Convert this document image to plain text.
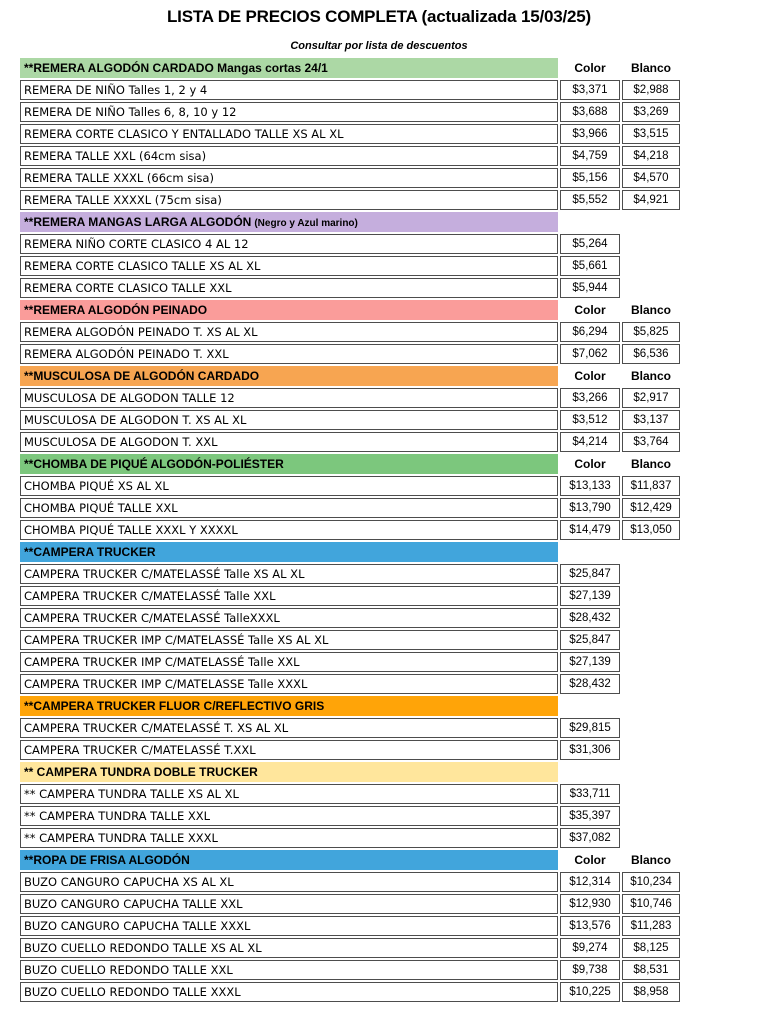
LISTA DE PRECIOS COMPLETA (actualizada 15/03/25)
Consultar por lista de descuentos
**REMERA ALGODÓN CARDADO Mangas cortas 24/1	Color	Blanco
REMERA DE NIÑO Talles 1, 2 y 4	$3,371	$2,988
REMERA DE NIÑO Talles 6, 8, 10 y 12	$3,688	$3,269
REMERA CORTE CLASICO Y ENTALLADO TALLE XS AL XL	$3,966	$3,515
REMERA TALLE XXL (64cm sisa)	$4,759	$4,218
REMERA TALLE XXXL (66cm sisa)	$5,156	$4,570
REMERA TALLE XXXXL (75cm sisa)	$5,552	$4,921
**REMERA MANGAS LARGA ALGODÓN (Negro y Azul marino)
REMERA NIÑO CORTE CLASICO 4 AL 12	$5,264
REMERA CORTE CLASICO TALLE XS AL XL	$5,661
REMERA CORTE CLASICO TALLE XXL	$5,944
**REMERA ALGODÓN PEINADO	Color	Blanco
REMERA ALGODÓN PEINADO T. XS AL XL	$6,294	$5,825
REMERA ALGODÓN PEINADO T. XXL	$7,062	$6,536
**MUSCULOSA DE ALGODÓN CARDADO	Color	Blanco
MUSCULOSA DE ALGODON TALLE 12	$3,266	$2,917
MUSCULOSA DE ALGODON T. XS AL XL	$3,512	$3,137
MUSCULOSA DE ALGODON T. XXL	$4,214	$3,764
**CHOMBA DE PIQUÉ ALGODÓN-POLIÉSTER	Color	Blanco
CHOMBA PIQUÉ XS AL XL	$13,133	$11,837
CHOMBA PIQUÉ TALLE XXL	$13,790	$12,429
CHOMBA PIQUÉ TALLE XXXL Y XXXXL	$14,479	$13,050
**CAMPERA TRUCKER
CAMPERA TRUCKER C/MATELASSÉ Talle XS AL XL	$25,847
CAMPERA TRUCKER C/MATELASSÉ Talle XXL	$27,139
CAMPERA TRUCKER C/MATELASSÉ TalleXXXL	$28,432
CAMPERA TRUCKER IMP C/MATELASSÉ Talle XS AL XL	$25,847
CAMPERA TRUCKER IMP C/MATELASSÉ Talle XXL	$27,139
CAMPERA TRUCKER IMP C/MATELASSE Talle XXXL	$28,432
**CAMPERA TRUCKER FLUOR C/REFLECTIVO GRIS
CAMPERA TRUCKER C/MATELASSÉ T. XS AL XL	$29,815
CAMPERA TRUCKER C/MATELASSÉ T.XXL	$31,306
** CAMPERA TUNDRA DOBLE TRUCKER
** CAMPERA TUNDRA TALLE XS AL XL	$33,711
** CAMPERA TUNDRA TALLE XXL	$35,397
** CAMPERA TUNDRA TALLE XXXL	$37,082
**ROPA DE FRISA ALGODÓN	Color	Blanco
BUZO CANGURO CAPUCHA XS AL XL	$12,314	$10,234
BUZO CANGURO CAPUCHA TALLE XXL	$12,930	$10,746
BUZO CANGURO CAPUCHA TALLE XXXL	$13,576	$11,283
BUZO CUELLO REDONDO TALLE XS AL XL	$9,274	$8,125
BUZO CUELLO REDONDO TALLE XXL	$9,738	$8,531
BUZO CUELLO REDONDO TALLE XXXL	$10,225	$8,958
